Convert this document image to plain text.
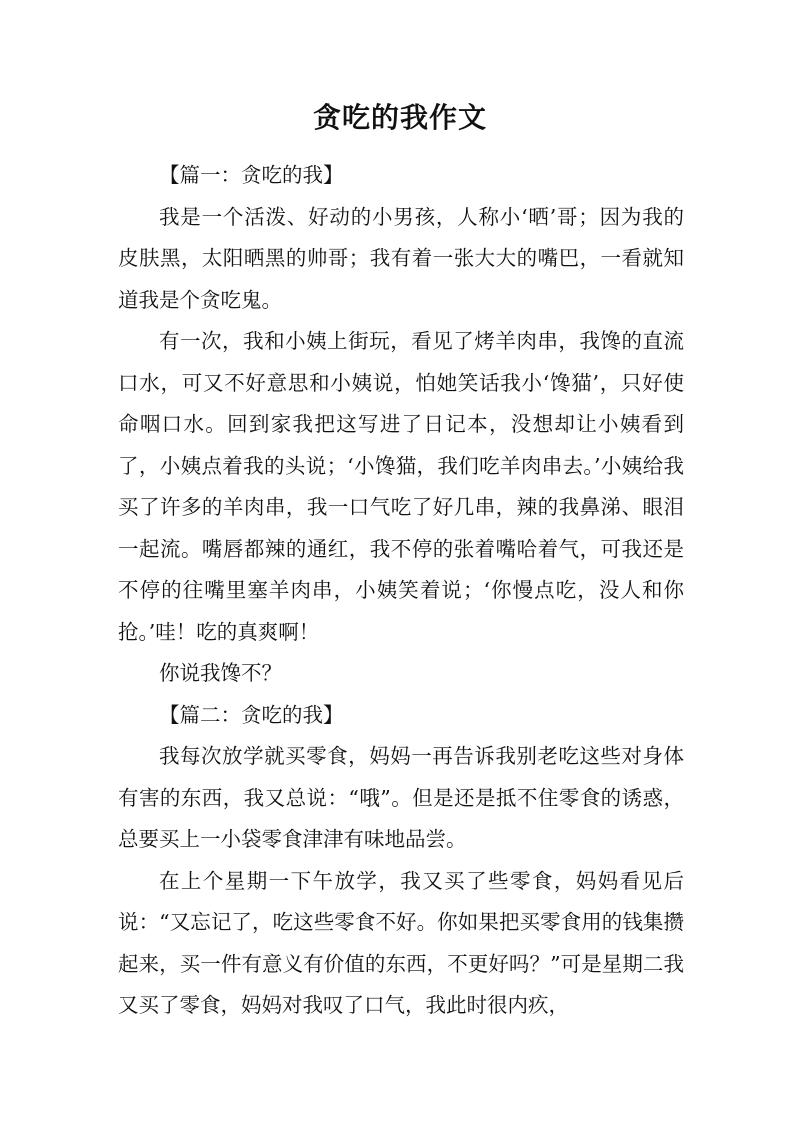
贪吃的我作文

【篇一：贪吃的我】

我是一个活泼、好动的小男孩，人称小‘晒’哥；因为我的皮肤黑，太阳晒黑的帅哥；我有着一张大大的嘴巴，一看就知道我是个贪吃鬼。

有一次，我和小姨上街玩，看见了烤羊肉串，我馋的直流口水，可又不好意思和小姨说，怕她笑话我小‘馋猫’，只好使命咽口水。回到家我把这写进了日记本，没想却让小姨看到了，小姨点着我的头说；‘小馋猫，我们吃羊肉串去。’小姨给我买了许多的羊肉串，我一口气吃了好几串，辣的我鼻涕、眼泪一起流。嘴唇都辣的通红，我不停的张着嘴哈着气，可我还是不停的往嘴里塞羊肉串，小姨笑着说；‘你慢点吃，没人和你抢。’哇！吃的真爽啊！

你说我馋不？

【篇二：贪吃的我】

我每次放学就买零食，妈妈一再告诉我别老吃这些对身体有害的东西，我又总说：“哦”。但是还是抵不住零食的诱惑，总要买上一小袋零食津津有味地品尝。

在上个星期一下午放学，我又买了些零食，妈妈看见后说：“又忘记了，吃这些零食不好。你如果把买零食用的钱集攒起来，买一件有意义有价值的东西，不更好吗？”可是星期二我又买了零食，妈妈对我叹了口气，我此时很内疚，
